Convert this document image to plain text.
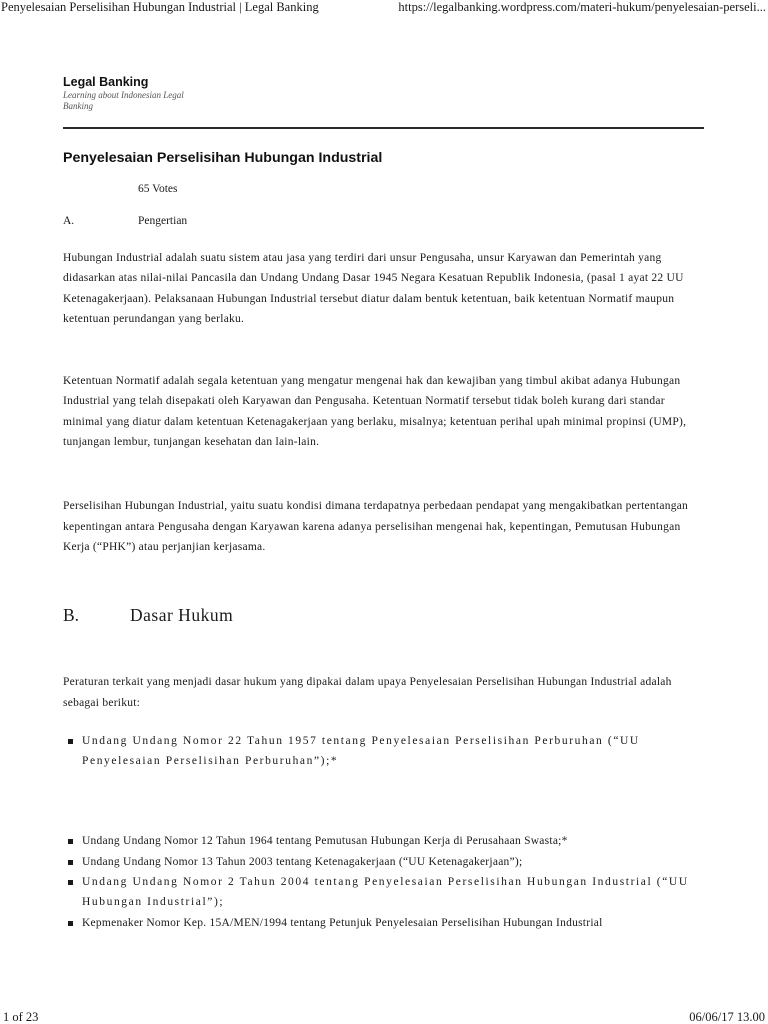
Penyelesaian Perselisihan Hubungan Industrial | Legal Banking	https://legalbanking.wordpress.com/materi-hukum/penyelesaian-perseli...
Legal Banking
Learning about Indonesian Legal Banking
Penyelesaian Perselisihan Hubungan Industrial
65 Votes
A.	Pengertian

Hubungan Industrial adalah suatu sistem atau jasa yang terdiri dari unsur Pengusaha, unsur Karyawan dan Pemerintah yang didasarkan atas nilai-nilai Pancasila dan Undang Undang Dasar 1945 Negara Kesatuan Republik Indonesia, (pasal 1 ayat 22 UU Ketenagakerjaan). Pelaksanaan Hubungan Industrial tersebut diatur dalam bentuk ketentuan, baik ketentuan Normatif maupun ketentuan perundangan yang berlaku.

Ketentuan Normatif adalah segala ketentuan yang mengatur mengenai hak dan kewajiban yang timbul akibat adanya Hubungan Industrial yang telah disepakati oleh Karyawan dan Pengusaha. Ketentuan Normatif tersebut tidak boleh kurang dari standar minimal yang diatur dalam ketentuan Ketenagakerjaan yang berlaku, misalnya; ketentuan perihal upah minimal propinsi (UMP), tunjangan lembur, tunjangan kesehatan dan lain-lain.

Perselisihan Hubungan Industrial, yaitu suatu kondisi dimana terdapatnya perbedaan pendapat yang mengakibatkan pertentangan kepentingan antara Pengusaha dengan Karyawan karena adanya perselisihan mengenai hak, kepentingan, Pemutusan Hubungan Kerja (“PHK”) atau perjanjian kerjasama.

B.	Dasar Hukum

Peraturan terkait yang menjadi dasar hukum yang dipakai dalam upaya Penyelesaian Perselisihan Hubungan Industrial adalah sebagai berikut:

Undang Undang Nomor 22 Tahun 1957 tentang Penyelesaian Perselisihan Perburuhan (“UU Penyelesaian Perselisihan Perburuhan”);*
Undang Undang Nomor 12 Tahun 1964 tentang Pemutusan Hubungan Kerja di Perusahaan Swasta;*
Undang Undang Nomor 13 Tahun 2003 tentang Ketenagakerjaan (“UU Ketenagakerjaan”);
Undang Undang Nomor 2 Tahun 2004 tentang Penyelesaian Perselisihan Hubungan Industrial (“UU Hubungan Industrial”);
Kepmenaker Nomor Kep. 15A/MEN/1994 tentang Petunjuk Penyelesaian Perselisihan Hubungan Industrial
1 of 23	06/06/17 13.00
